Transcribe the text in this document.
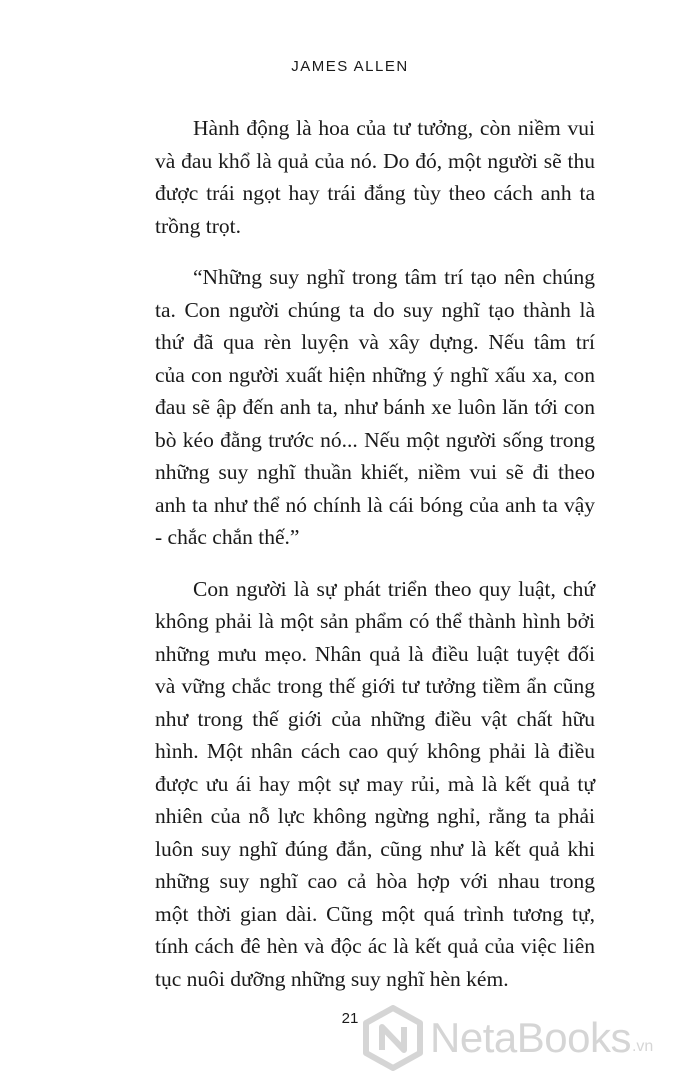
JAMES ALLEN
Hành động là hoa của tư tưởng, còn niềm vui
và đau khổ là quả của nó. Do đó, một người sẽ thu
được trái ngọt hay trái đắng tùy theo cách anh ta
trồng trọt.
“Những suy nghĩ trong tâm trí tạo nên chúng
ta. Con người chúng ta do suy nghĩ tạo thành là
thứ đã qua rèn luyện và xây dựng. Nếu tâm trí
của con người xuất hiện những ý nghĩ xấu xa, con
đau sẽ ập đến anh ta, như bánh xe luôn lăn tới con
bò kéo đằng trước nó... Nếu một người sống trong
những suy nghĩ thuần khiết, niềm vui sẽ đi theo
anh ta như thể nó chính là cái bóng của anh ta vậy
- chắc chắn thế.”
Con người là sự phát triển theo quy luật, chứ
không phải là một sản phẩm có thể thành hình bởi
những mưu mẹo. Nhân quả là điều luật tuyệt đối
và vững chắc trong thế giới tư tưởng tiềm ẩn cũng
như trong thế giới của những điều vật chất hữu
hình. Một nhân cách cao quý không phải là điều
được ưu ái hay một sự may rủi, mà là kết quả tự
nhiên của nỗ lực không ngừng nghỉ, rằng ta phải
luôn suy nghĩ đúng đắn, cũng như là kết quả khi
những suy nghĩ cao cả hòa hợp với nhau trong
một thời gian dài. Cũng một quá trình tương tự,
tính cách đê hèn và độc ác là kết quả của việc liên
tục nuôi dưỡng những suy nghĩ hèn kém.
21	NetaBooks .vn
